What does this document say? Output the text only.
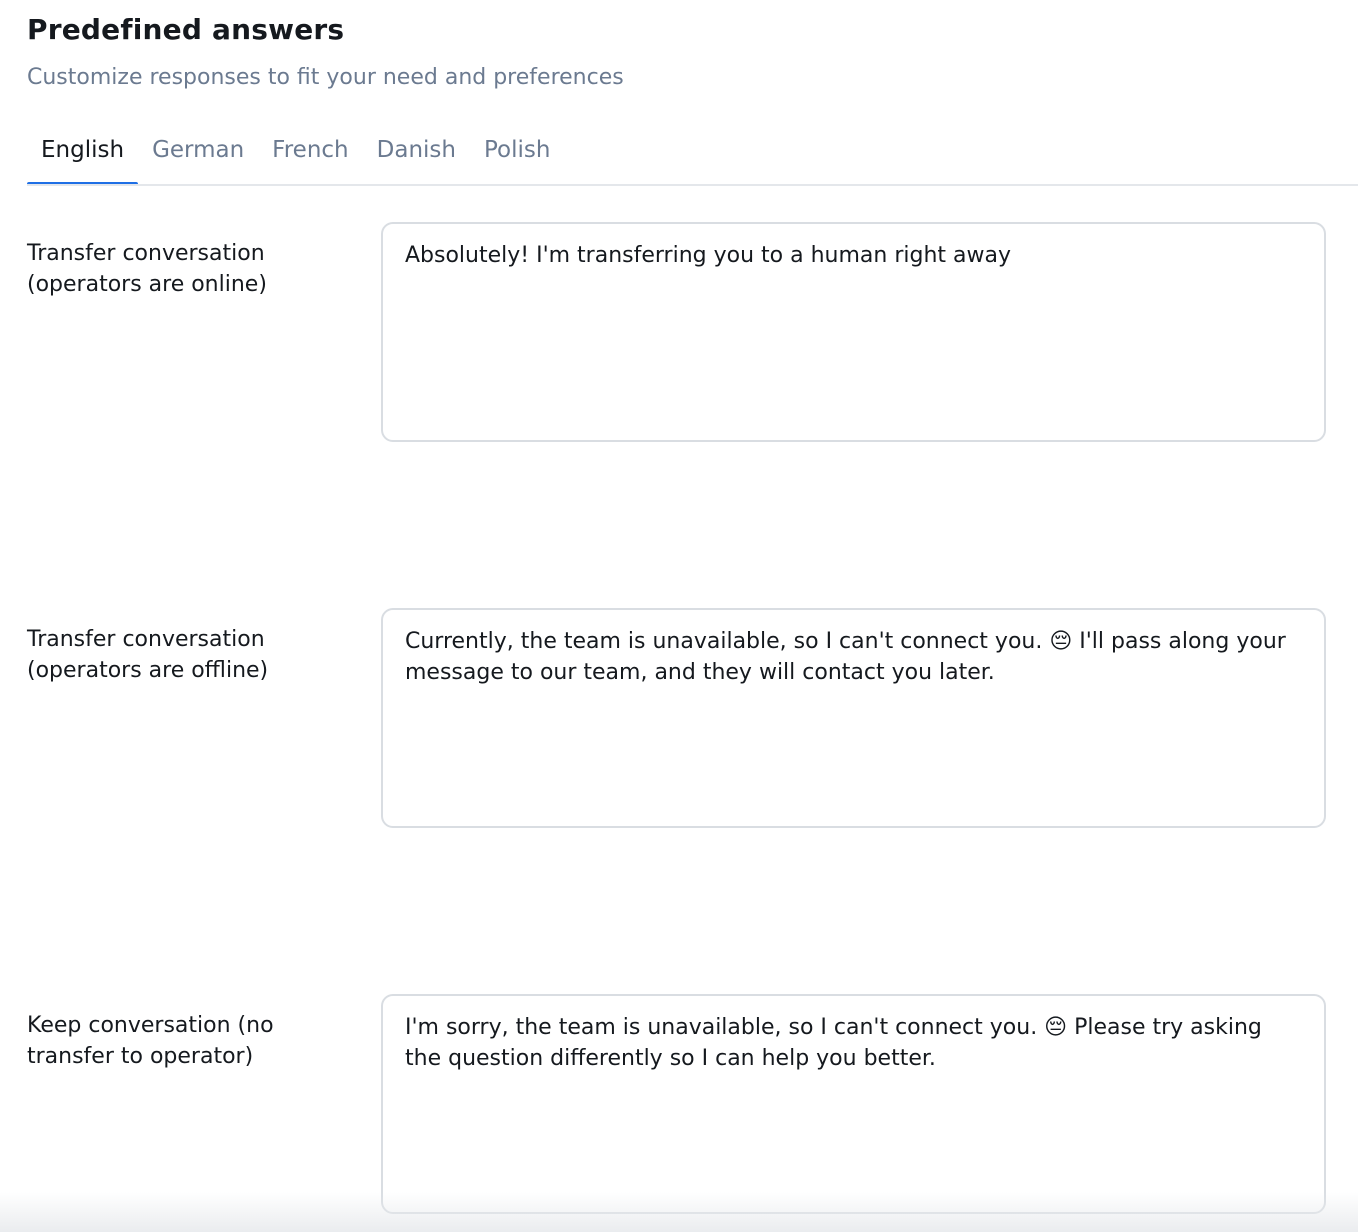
Predefined answers

Customize responses to fit your need and preferences

English	German	French	Danish	Polish
Transfer conversation (operators are online)
Absolutely! I'm transferring you to a human right away
Transfer conversation (operators are offline)
Currently, the team is unavailable, so I can't connect you. 😔 I'll pass along your message to our team, and they will contact you later.
Keep conversation (no transfer to operator)
I'm sorry, the team is unavailable, so I can't connect you. 😔 Please try asking the question differently so I can help you better.
